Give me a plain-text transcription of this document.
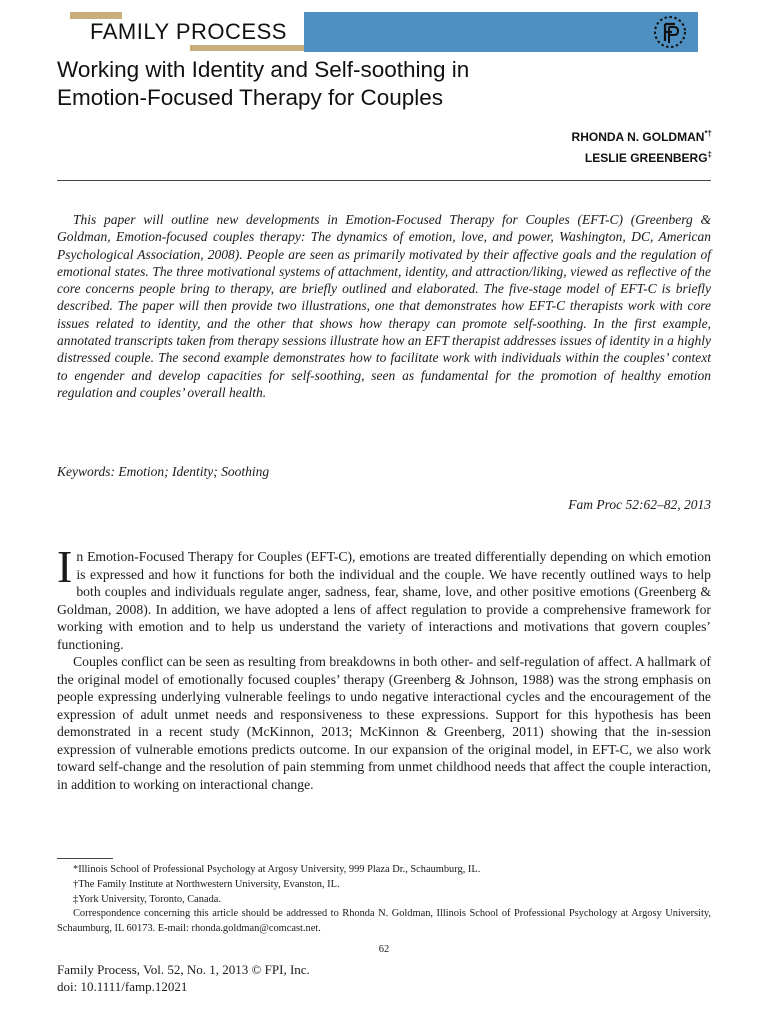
FAMILY PROCESS
Working with Identity and Self-soothing in
Emotion-Focused Therapy for Couples
RHONDA N. GOLDMAN*†
LESLIE GREENBERG‡

This paper will outline new developments in Emotion-Focused Therapy for Couples (EFT-C) (Greenberg & Goldman, Emotion-focused couples therapy: The dynamics of emotion, love, and power, Washington, DC, American Psychological Association, 2008). People are seen as primarily motivated by their affective goals and the regulation of emotional states. The three motivational systems of attachment, identity, and attraction/liking, viewed as reflective of the core concerns people bring to therapy, are briefly outlined and elaborated. The five-stage model of EFT-C is briefly described. The paper will then provide two illustrations, one that demonstrates how EFT-C therapists work with core issues related to identity, and the other that shows how therapy can promote self-soothing. In the first example, annotated transcripts taken from therapy sessions illustrate how an EFT therapist addresses issues of identity in a highly distressed couple. The second example demonstrates how to facilitate work with individuals within the couples’ context to engender and develop capacities for self-soothing, seen as fundamental for the promotion of healthy emotion regulation and couples’ overall health.

Keywords: Emotion; Identity; Soothing
Fam Proc 52:62–82, 2013

In Emotion-Focused Therapy for Couples (EFT-C), emotions are treated differentially depending on which emotion is expressed and how it functions for both the individual and the couple. We have recently outlined ways to help both couples and individuals regulate anger, sadness, fear, shame, love, and other positive emotions (Greenberg & Goldman, 2008). In addition, we have adopted a lens of affect regulation to provide a comprehensive framework for working with emotion and to help us understand the variety of interactions and motivations that govern couples’ functioning.

Couples conflict can be seen as resulting from breakdowns in both other- and self-regulation of affect. A hallmark of the original model of emotionally focused couples’ therapy (Greenberg & Johnson, 1988) was the strong emphasis on people expressing underlying vulnerable feelings to undo negative interactional cycles and the encouragement of the expression of adult unmet needs and responsiveness to these expressions. Support for this hypothesis has been demonstrated in a recent study (McKinnon, 2013; McKinnon & Greenberg, 2011) showing that the in-session expression of vulnerable emotions predicts outcome. In our expansion of the original model, in EFT-C, we also work toward self-change and the resolution of pain stemming from unmet childhood needs that affect the couple interaction, in addition to working on interactional change.

*Illinois School of Professional Psychology at Argosy University, 999 Plaza Dr., Schaumburg, IL.
†The Family Institute at Northwestern University, Evanston, IL.
‡York University, Toronto, Canada.
Correspondence concerning this article should be addressed to Rhonda N. Goldman, Illinois School of Professional Psychology at Argosy University, Schaumburg, IL 60173. E-mail: rhonda.goldman@comcast.net.
62
Family Process, Vol. 52, No. 1, 2013 © FPI, Inc.
doi: 10.1111/famp.12021
